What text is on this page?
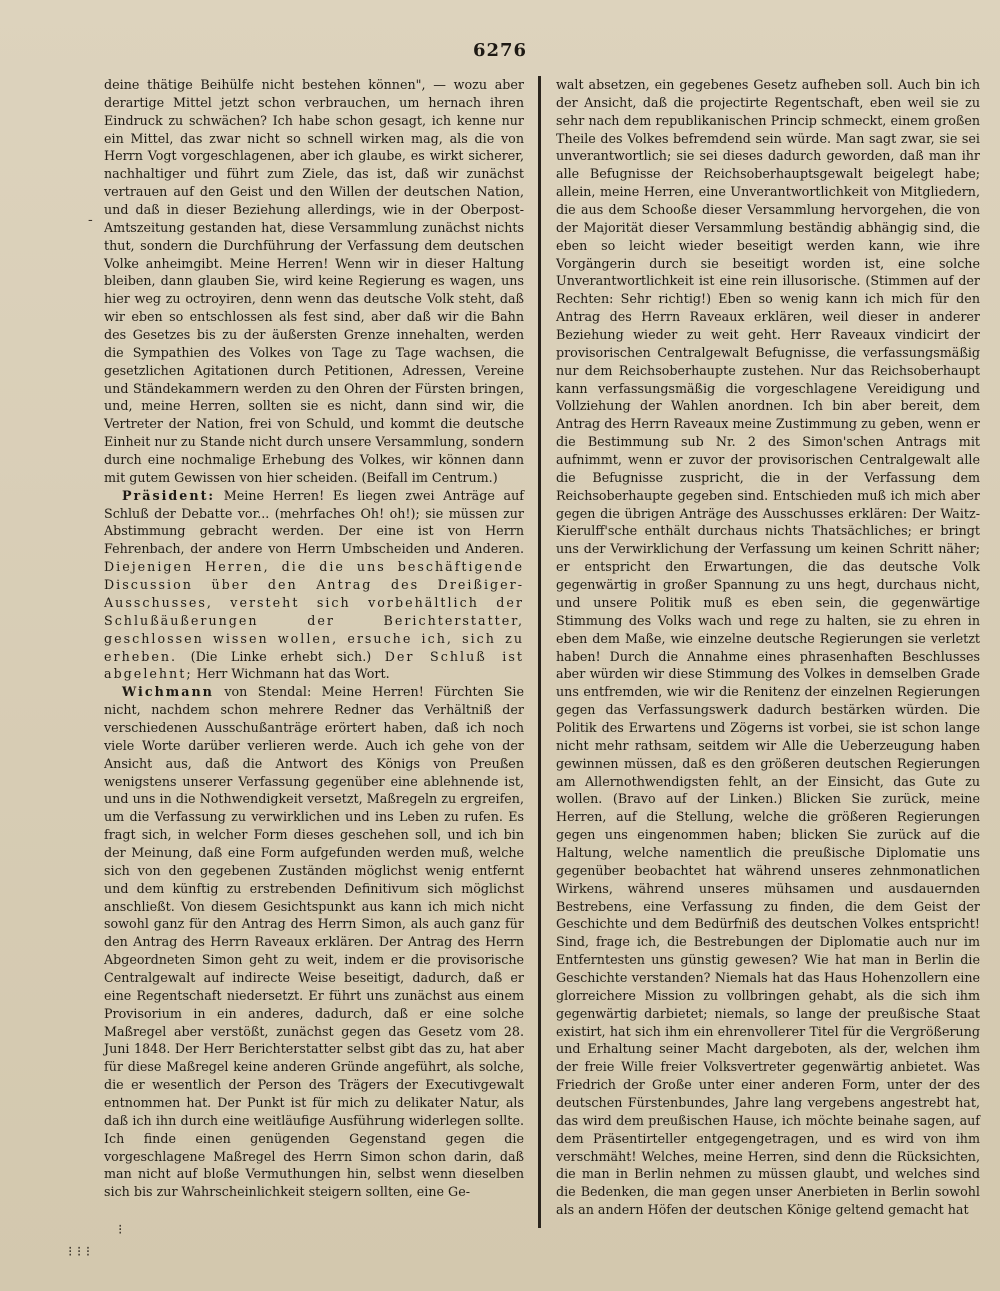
6276

deine thätige Beihülfe nicht bestehen können", — wozu aber derartige Mittel jetzt schon verbrauchen, um hernach ihren Eindruck zu schwächen? Ich habe schon gesagt, ich kenne nur ein Mittel, das zwar nicht so schnell wirken mag, als die von Herrn Vogt vorgeschlagenen, aber ich glaube, es wirkt sicherer, nachhaltiger und führt zum Ziele, das ist, daß wir zunächst vertrauen auf den Geist und den Willen der deutschen Nation, und daß in dieser Beziehung allerdings, wie in der Oberpost-Amtszeitung gestanden hat, diese Versammlung zunächst nichts thut, sondern die Durchführung der Verfassung dem deutschen Volke anheimgibt. Meine Herren! Wenn wir in dieser Haltung bleiben, dann glauben Sie, wird keine Regierung es wagen, uns hier weg zu octroyiren, denn wenn das deutsche Volk steht, daß wir eben so entschlossen als fest sind, aber daß wir die Bahn des Gesetzes bis zu der äußersten Grenze innehalten, werden die Sympathien des Volkes von Tage zu Tage wachsen, die gesetzlichen Agitationen durch Petitionen, Adressen, Vereine und Ständekammern werden zu den Ohren der Fürsten bringen, und, meine Herren, sollten sie es nicht, dann sind wir, die Vertreter der Nation, frei von Schuld, und kommt die deutsche Einheit nur zu Stande nicht durch unsere Versammlung, sondern durch eine nochmalige Erhebung des Volkes, wir können dann mit gutem Gewissen von hier scheiden. (Beifall im Centrum.)

Präsident: Meine Herren! Es liegen zwei Anträge auf Schluß der Debatte vor... (mehrfaches Oh! oh!); sie müssen zur Abstimmung gebracht werden. Der eine ist von Herrn Fehrenbach, der andere von Herrn Umbscheiden und Anderen. Diejenigen Herren, die die uns beschäftigende Discussion über den Antrag des Dreißiger-Ausschusses, versteht sich vorbehältlich der Schlußäußerungen der Berichterstatter, geschlossen wissen wollen, ersuche ich, sich zu erheben. (Die Linke erhebt sich.) Der Schluß ist abgelehnt; Herr Wichmann hat das Wort.

Wichmann von Stendal: Meine Herren! Fürchten Sie nicht, nachdem schon mehrere Redner das Verhältniß der verschiedenen Ausschußanträge erörtert haben, daß ich noch viele Worte darüber verlieren werde. Auch ich gehe von der Ansicht aus, daß die Antwort des Königs von Preußen wenigstens unserer Verfassung gegenüber eine ablehnende ist, und uns in die Nothwendigkeit versetzt, Maßregeln zu ergreifen, um die Verfassung zu verwirklichen und ins Leben zu rufen. Es fragt sich, in welcher Form dieses geschehen soll, und ich bin der Meinung, daß eine Form aufgefunden werden muß, welche sich von den gegebenen Zuständen möglichst wenig entfernt und dem künftig zu erstrebenden Definitivum sich möglichst anschließt. Von diesem Gesichtspunkt aus kann ich mich nicht sowohl ganz für den Antrag des Herrn Simon, als auch ganz für den Antrag des Herrn Raveaux erklären. Der Antrag des Herrn Abgeordneten Simon geht zu weit, indem er die provisorische Centralgewalt auf indirecte Weise beseitigt, dadurch, daß er eine Regentschaft niedersetzt. Er führt uns zunächst aus einem Provisorium in ein anderes, dadurch, daß er eine solche Maßregel aber verstößt, zunächst gegen das Gesetz vom 28. Juni 1848. Der Herr Berichterstatter selbst gibt das zu, hat aber für diese Maßregel keine anderen Gründe angeführt, als solche, die er wesentlich der Person des Trägers der Executivgewalt entnommen hat. Der Punkt ist für mich zu delikater Natur, als daß ich ihn durch eine weitläufige Ausführung widerlegen sollte. Ich finde einen genügenden Gegenstand gegen die vorgeschlagene Maßregel des Herrn Simon schon darin, daß man nicht auf bloße Vermuthungen hin, selbst wenn dieselben sich bis zur Wahrscheinlichkeit steigern sollten, eine Ge-

walt absetzen, ein gegebenes Gesetz aufheben soll. Auch bin ich der Ansicht, daß die projectirte Regentschaft, eben weil sie zu sehr nach dem republikanischen Princip schmeckt, einem großen Theile des Volkes befremdend sein würde. Man sagt zwar, sie sei unverantwortlich; sie sei dieses dadurch geworden, daß man ihr alle Befugnisse der Reichsoberhauptsgewalt beigelegt habe; allein, meine Herren, eine Unverantwortlichkeit von Mitgliedern, die aus dem Schooße dieser Versammlung hervorgehen, die von der Majorität dieser Versammlung beständig abhängig sind, die eben so leicht wieder beseitigt werden kann, wie ihre Vorgängerin durch sie beseitigt worden ist, eine solche Unverantwortlichkeit ist eine rein illusorische. (Stimmen auf der Rechten: Sehr richtig!) Eben so wenig kann ich mich für den Antrag des Herrn Raveaux erklären, weil dieser in anderer Beziehung wieder zu weit geht. Herr Raveaux vindicirt der provisorischen Centralgewalt Befugnisse, die verfassungsmäßig nur dem Reichsoberhaupte zustehen. Nur das Reichsoberhaupt kann verfassungsmäßig die vorgeschlagene Vereidigung und Vollziehung der Wahlen anordnen. Ich bin aber bereit, dem Antrag des Herrn Raveaux meine Zustimmung zu geben, wenn er die Bestimmung sub Nr. 2 des Simon'schen Antrags mit aufnimmt, wenn er zuvor der provisorischen Centralgewalt alle die Befugnisse zuspricht, die in der Verfassung dem Reichsoberhaupte gegeben sind. Entschieden muß ich mich aber gegen die übrigen Anträge des Ausschusses erklären: Der Waitz-Kierulff'sche enthält durchaus nichts Thatsächliches; er bringt uns der Verwirklichung der Verfassung um keinen Schritt näher; er entspricht den Erwartungen, die das deutsche Volk gegenwärtig in großer Spannung zu uns hegt, durchaus nicht, und unsere Politik muß es eben sein, die gegenwärtige Stimmung des Volks wach und rege zu halten, sie zu ehren in eben dem Maße, wie einzelne deutsche Regierungen sie verletzt haben! Durch die Annahme eines phrasenhaften Beschlusses aber würden wir diese Stimmung des Volkes in demselben Grade uns entfremden, wie wir die Renitenz der einzelnen Regierungen gegen das Verfassungswerk dadurch bestärken würden. Die Politik des Erwartens und Zögerns ist vorbei, sie ist schon lange nicht mehr rathsam, seitdem wir Alle die Ueberzeugung haben gewinnen müssen, daß es den größeren deutschen Regierungen am Allernothwendigsten fehlt, an der Einsicht, das Gute zu wollen. (Bravo auf der Linken.) Blicken Sie zurück, meine Herren, auf die Stellung, welche die größeren Regierungen gegen uns eingenommen haben; blicken Sie zurück auf die Haltung, welche namentlich die preußische Diplomatie uns gegenüber beobachtet hat während unseres zehnmonatlichen Wirkens, während unseres mühsamen und ausdauernden Bestrebens, eine Verfassung zu finden, die dem Geist der Geschichte und dem Bedürfniß des deutschen Volkes entspricht! Sind, frage ich, die Bestrebungen der Diplomatie auch nur im Entferntesten uns günstig gewesen? Wie hat man in Berlin die Geschichte verstanden? Niemals hat das Haus Hohenzollern eine glorreichere Mission zu vollbringen gehabt, als die sich ihm gegenwärtig darbietet; niemals, so lange der preußische Staat existirt, hat sich ihm ein ehrenvollerer Titel für die Vergrößerung und Erhaltung seiner Macht dargeboten, als der, welchen ihm der freie Wille freier Volksvertreter gegenwärtig anbietet. Was Friedrich der Große unter einer anderen Form, unter der des deutschen Fürstenbundes, Jahre lang vergebens angestrebt hat, das wird dem preußischen Hause, ich möchte beinahe sagen, auf dem Präsentirteller entgegengetragen, und es wird von ihm verschmäht! Welches, meine Herren, sind denn die Rücksichten, die man in Berlin nehmen zu müssen glaubt, und welches sind die Bedenken, die man gegen unser Anerbieten in Berlin sowohl als an andern Höfen der deutschen Könige geltend gemacht hat

-
⁝
⁝ ⁝ ⁝
